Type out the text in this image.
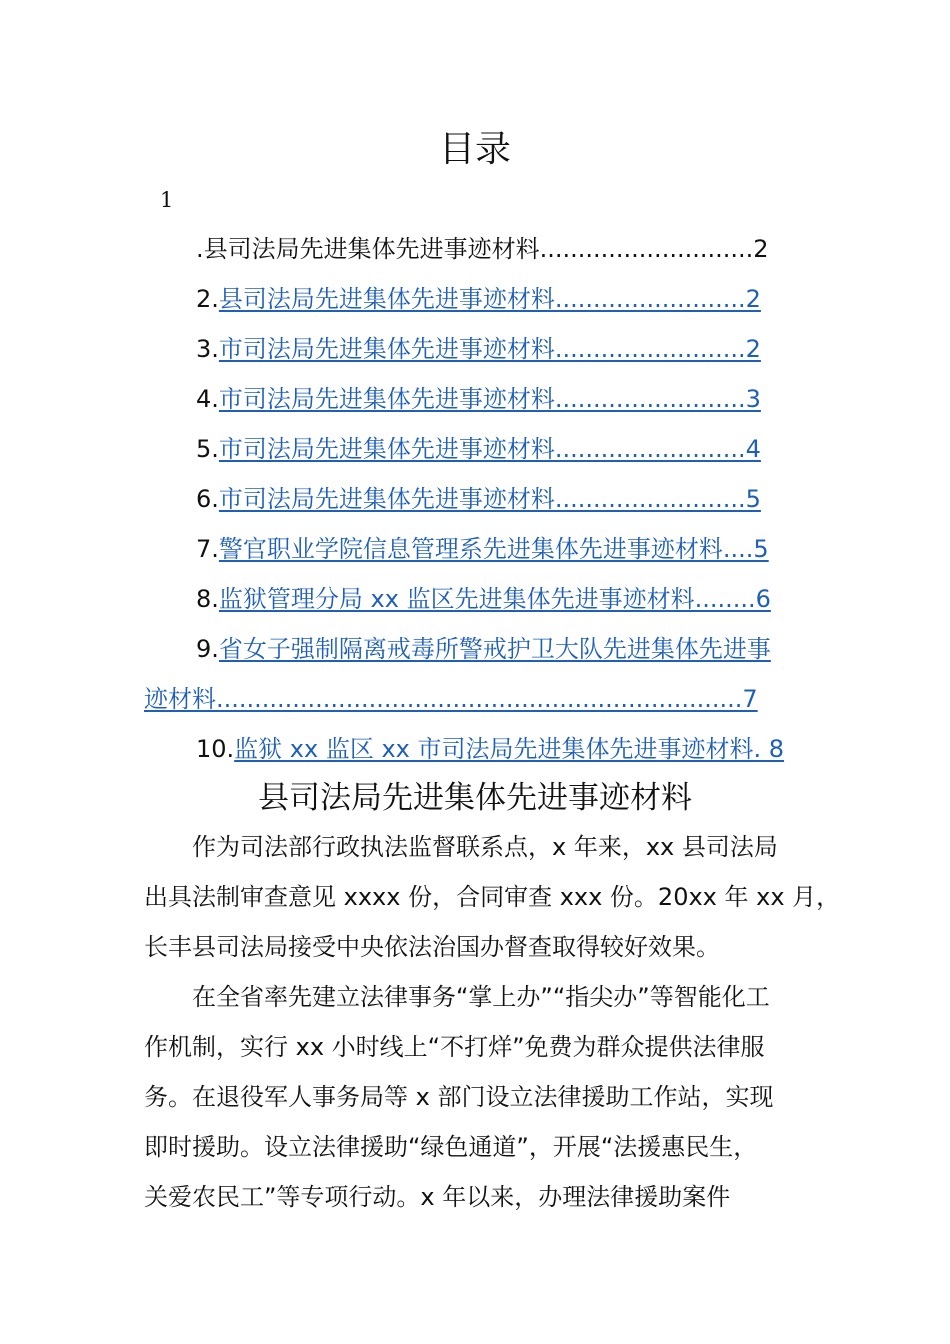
目录
1
.县司法局先进集体先进事迹材料............................2
2.县司法局先进集体先进事迹材料.........................2
3.市司法局先进集体先进事迹材料.........................2
4.市司法局先进集体先进事迹材料.........................3
5.市司法局先进集体先进事迹材料.........................4
6.市司法局先进集体先进事迹材料.........................5
7.警官职业学院信息管理系先进集体先进事迹材料....5
8.监狱管理分局 xx 监区先进集体先进事迹材料........6
9.省女子强制隔离戒毒所警戒护卫大队先进集体先进事
迹材料.....................................................................7
10.监狱 xx 监区 xx 市司法局先进集体先进事迹材料. 8
县司法局先进集体先进事迹材料
作为司法部行政执法监督联系点，x 年来，xx 县司法局
出具法制审查意见 xxxx 份，合同审查 xxx 份。20xx 年 xx 月，
长丰县司法局接受中央依法治国办督查取得较好效果。
在全省率先建立法律事务“掌上办”“指尖办”等智能化工
作机制，实行 xx 小时线上“不打烊”免费为群众提供法律服
务。在退役军人事务局等 x 部门设立法律援助工作站，实现
即时援助。设立法律援助“绿色通道”，开展“法援惠民生，
关爱农民工”等专项行动。x 年以来，办理法律援助案件
